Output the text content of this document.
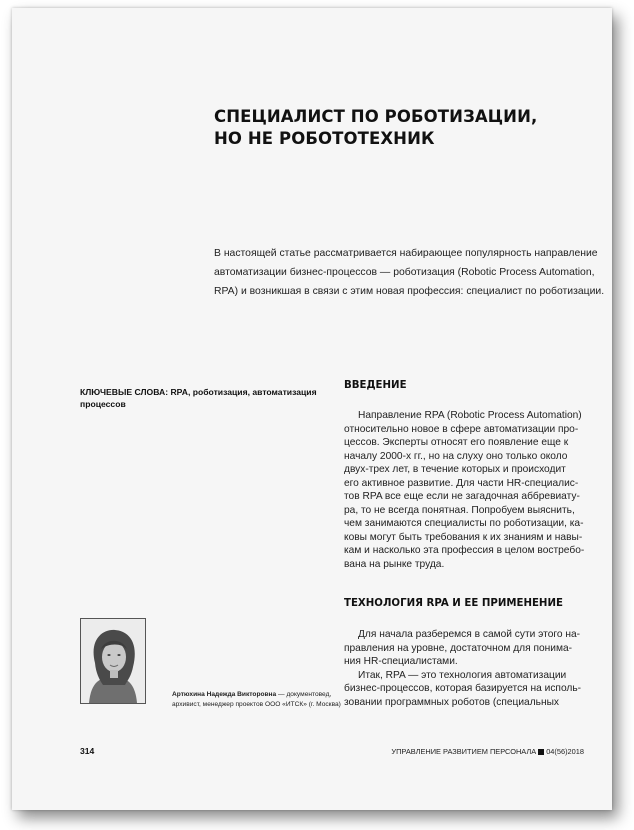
СПЕЦИАЛИСТ ПО РОБОТИЗАЦИИ,
НО НЕ РОБОТОТЕХНИК

В настоящей статье рассматривается набирающее популярность направление
автоматизации бизнес-процессов — роботизация (Robotic Process Automation,
RPA) и возникшая в связи с этим новая профессия: специалист по роботизации.

КЛЮЧЕВЫЕ СЛОВА: RPA, роботизация, автоматизация
процессов

ВВЕДЕНИЕ

Направление RPA (Robotic Process Automation)
относительно новое в сфере автоматизации про-
цессов. Эксперты относят его появление еще к
началу 2000-х гг., но на слуху оно только около
двух-трех лет, в течение которых и происходит
его активное развитие. Для части HR-специалис-
тов RPA все еще если не загадочная аббревиату-
ра, то не всегда понятная. Попробуем выяснить,
чем занимаются специалисты по роботизации, ка-
ковы могут быть требования к их знаниям и навы-
кам и насколько эта профессия в целом востребо-
вана на рынке труда.

ТЕХНОЛОГИЯ RPA И ЕЕ ПРИМЕНЕНИЕ

Для начала разберемся в самой сути этого на-
правления на уровне, достаточном для понима-
ния HR-специалистами.
Итак, RPA — это технология автоматизации
бизнес-процессов, которая базируется на исполь-
зовании программных роботов (специальных

Артюхина Надежда Викторовна — документовед,
архивист, менеджер проектов ООО «ИТСК» (г. Москва)

314	УПРАВЛЕНИЕ РАЗВИТИЕМ ПЕРСОНАЛА 04(56)2018
